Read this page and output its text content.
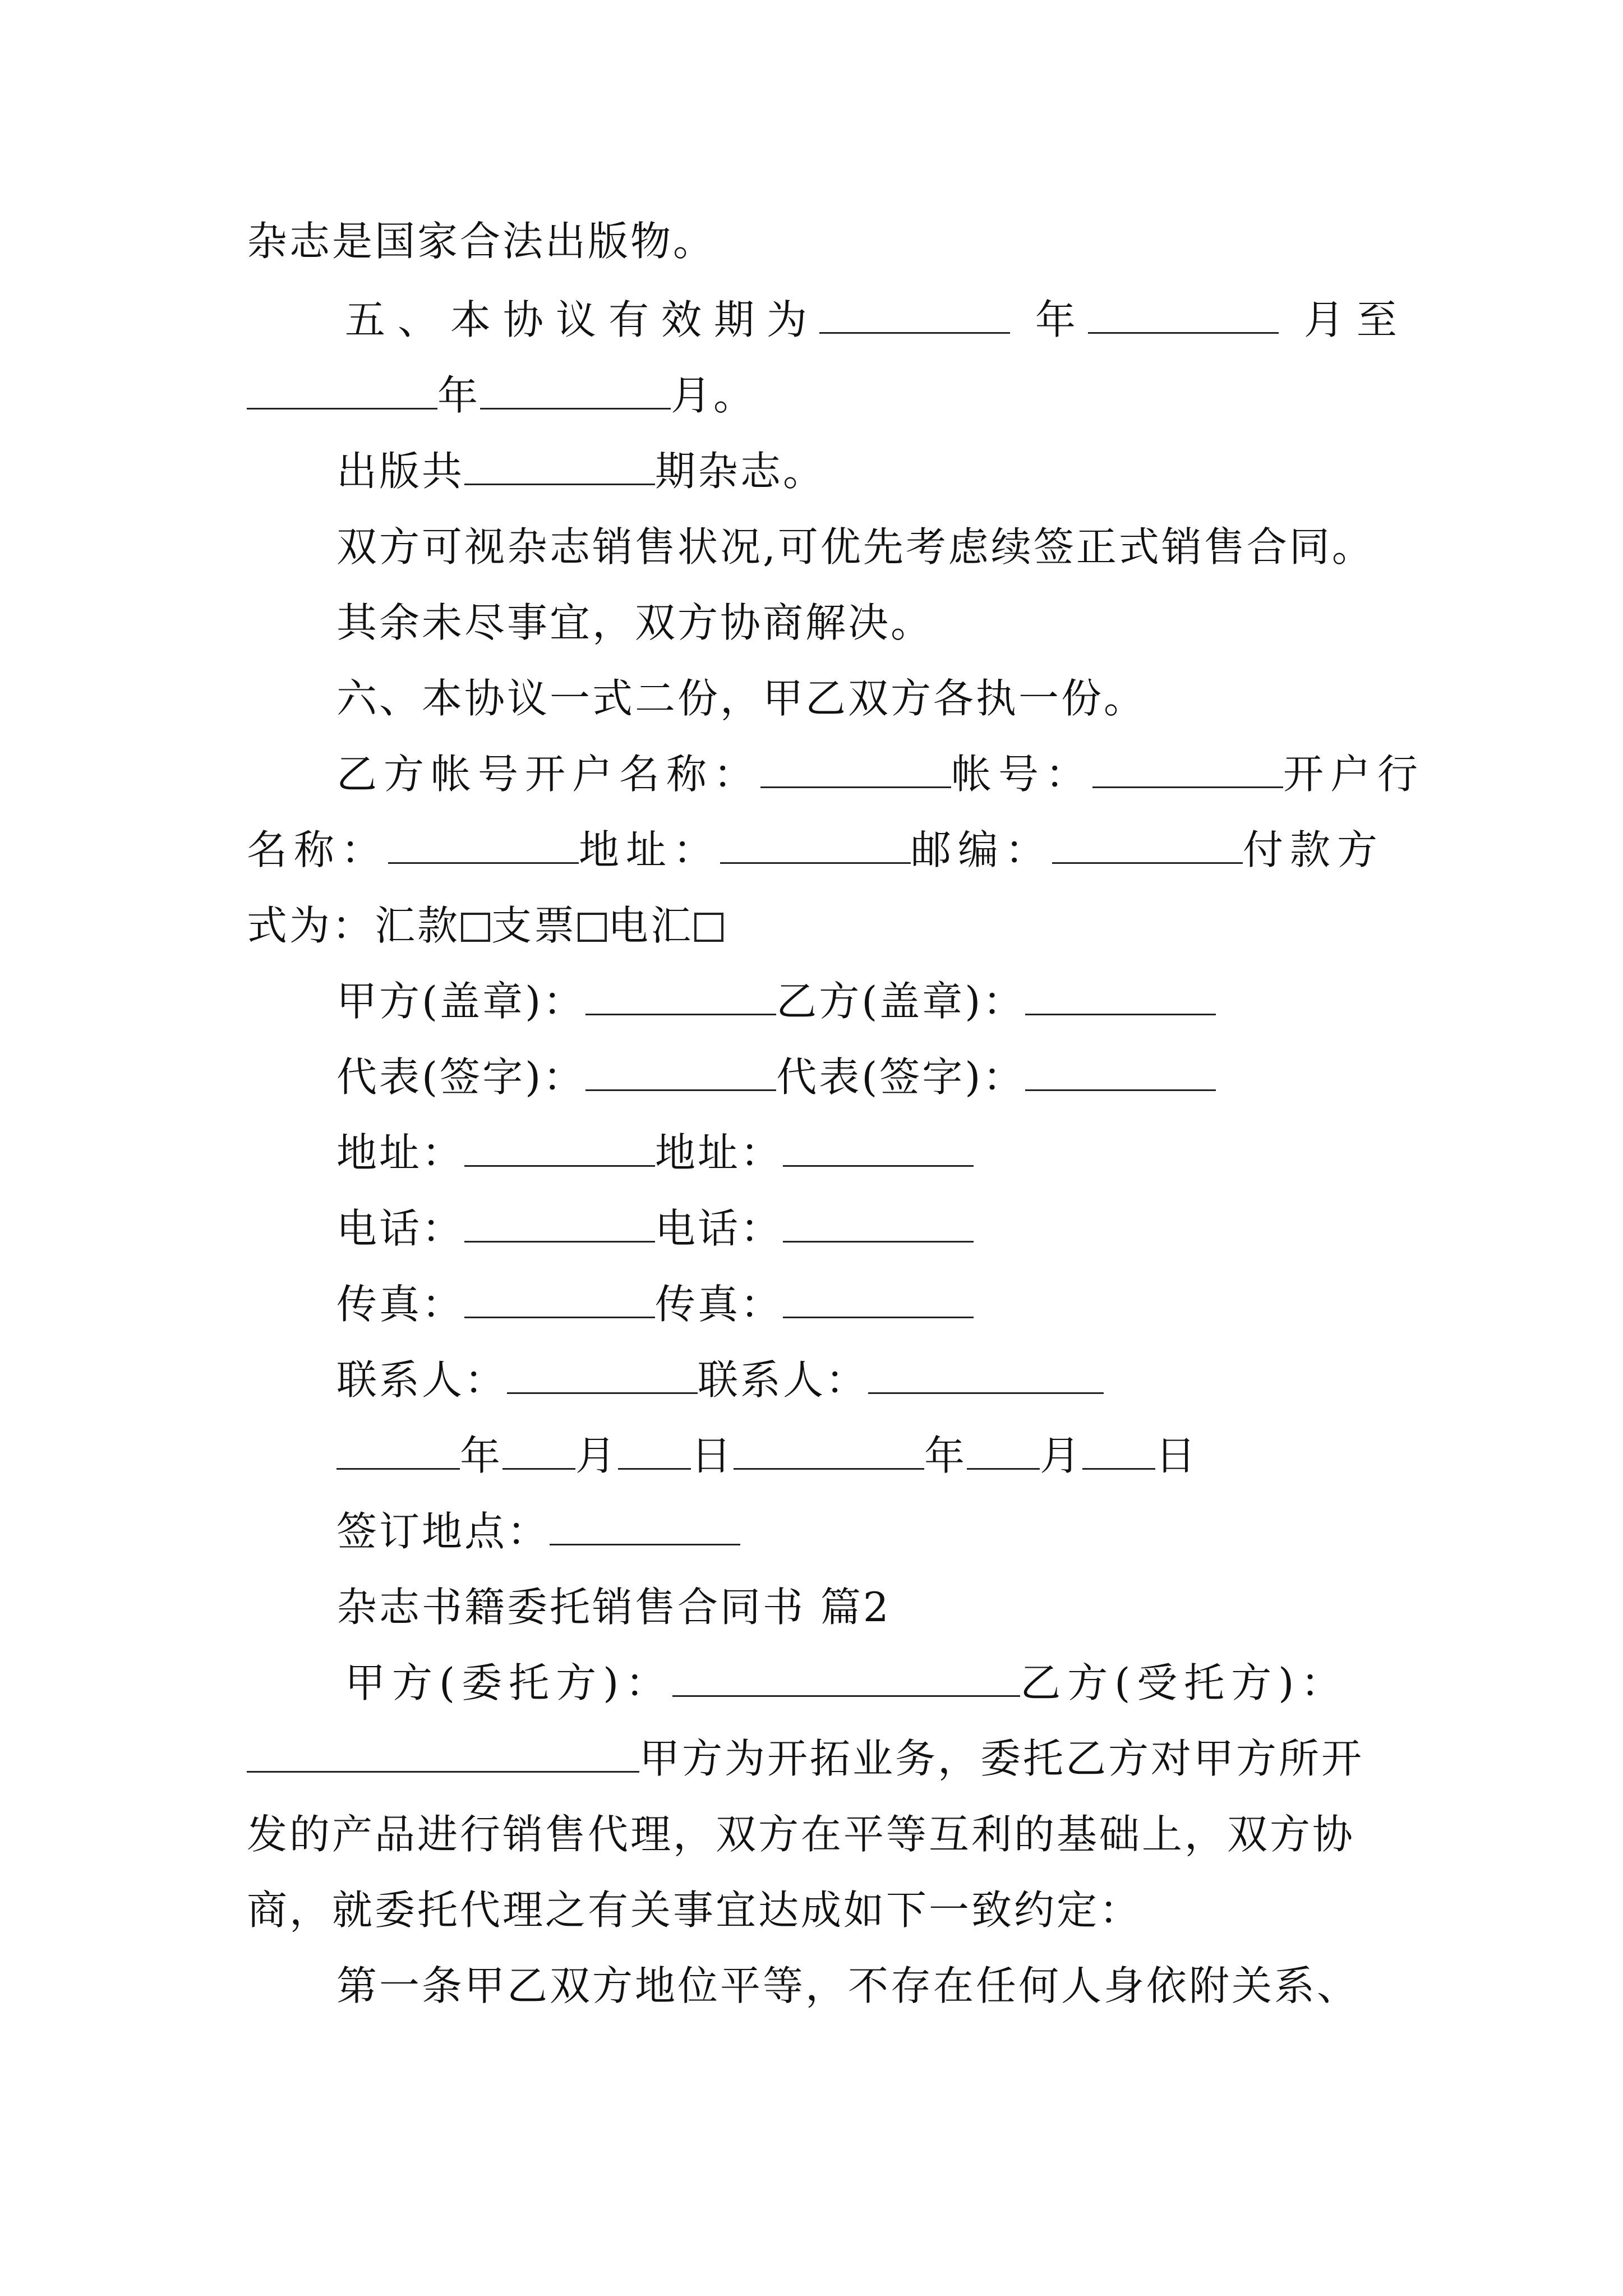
杂志是国家合法出版物。
五、本协议有效期为	年	月至
年	月。
出版共	期杂志。
双方可视杂志销售状况,可优先考虑续签正式销售合同。
其余未尽事宜，双方协商解决。
六、本协议一式二份，甲乙双方各执一份。
乙方帐号开户名称：	帐号：	开户行
名称：	地址：	邮编：	付款方
式为：汇款 支票 电汇
甲方(盖章)：	乙方(盖章)：
代表(签字)：	代表(签字)：
地址：	地址：
电话：	电话：
传真：	传真：
联系人：	联系人：
年 月 日	年 月 日
签订地点：
杂志书籍委托销售合同书 篇2
甲方(委托方)：	乙方(受托方)：
甲方为开拓业务，委托乙方对甲方所开
发的产品进行销售代理，双方在平等互利的基础上，双方协
商，就委托代理之有关事宜达成如下一致约定：
第一条甲乙双方地位平等，不存在任何人身依附关系、
